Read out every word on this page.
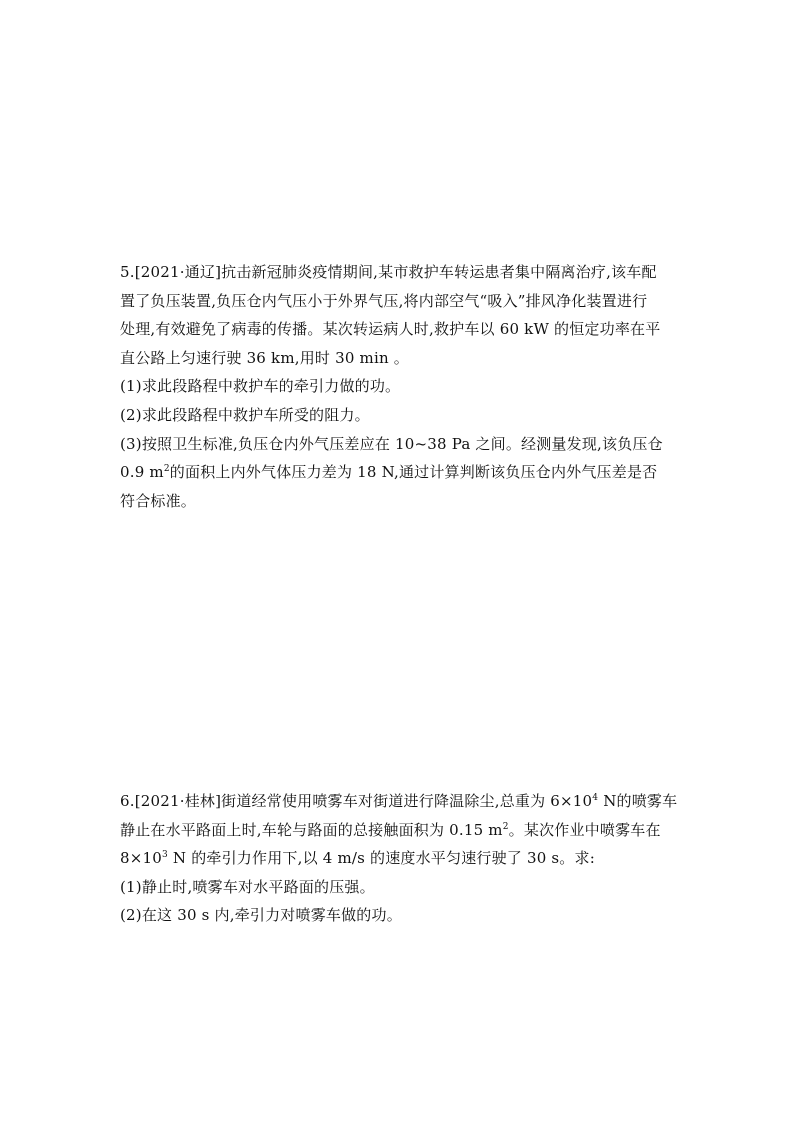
5.[2021·通辽]抗击新冠肺炎疫情期间,某市救护车转运患者集中隔离治疗,该车配
置了负压装置,负压仓内气压小于外界气压,将内部空气“吸入”排风净化装置进行
处理,有效避免了病毒的传播。某次转运病人时,救护车以 60 kW 的恒定功率在平
直公路上匀速行驶 36 km,用时 30 min 。
(1)求此段路程中救护车的牵引力做的功。
(2)求此段路程中救护车所受的阻力。
(3)按照卫生标准,负压仓内外气压差应在 10~38 Pa 之间。经测量发现,该负压仓
0.9 $m^2$的面积上内外气体压力差为 18 N,通过计算判断该负压仓内外气压差是否
符合标准。
6.[2021·桂林]街道经常使用喷雾车对街道进行降温除尘,总重为 $6\times 10^4$ N的喷雾车
静止在水平路面上时,车轮与路面的总接触面积为 0.15 $m^2$。某次作业中喷雾车在
$8\times 10^3$ N 的牵引力作用下,以 4 m/s 的速度水平匀速行驶了 30 s。求:
(1)静止时,喷雾车对水平路面的压强。
(2)在这 30 s 内,牵引力对喷雾车做的功。
